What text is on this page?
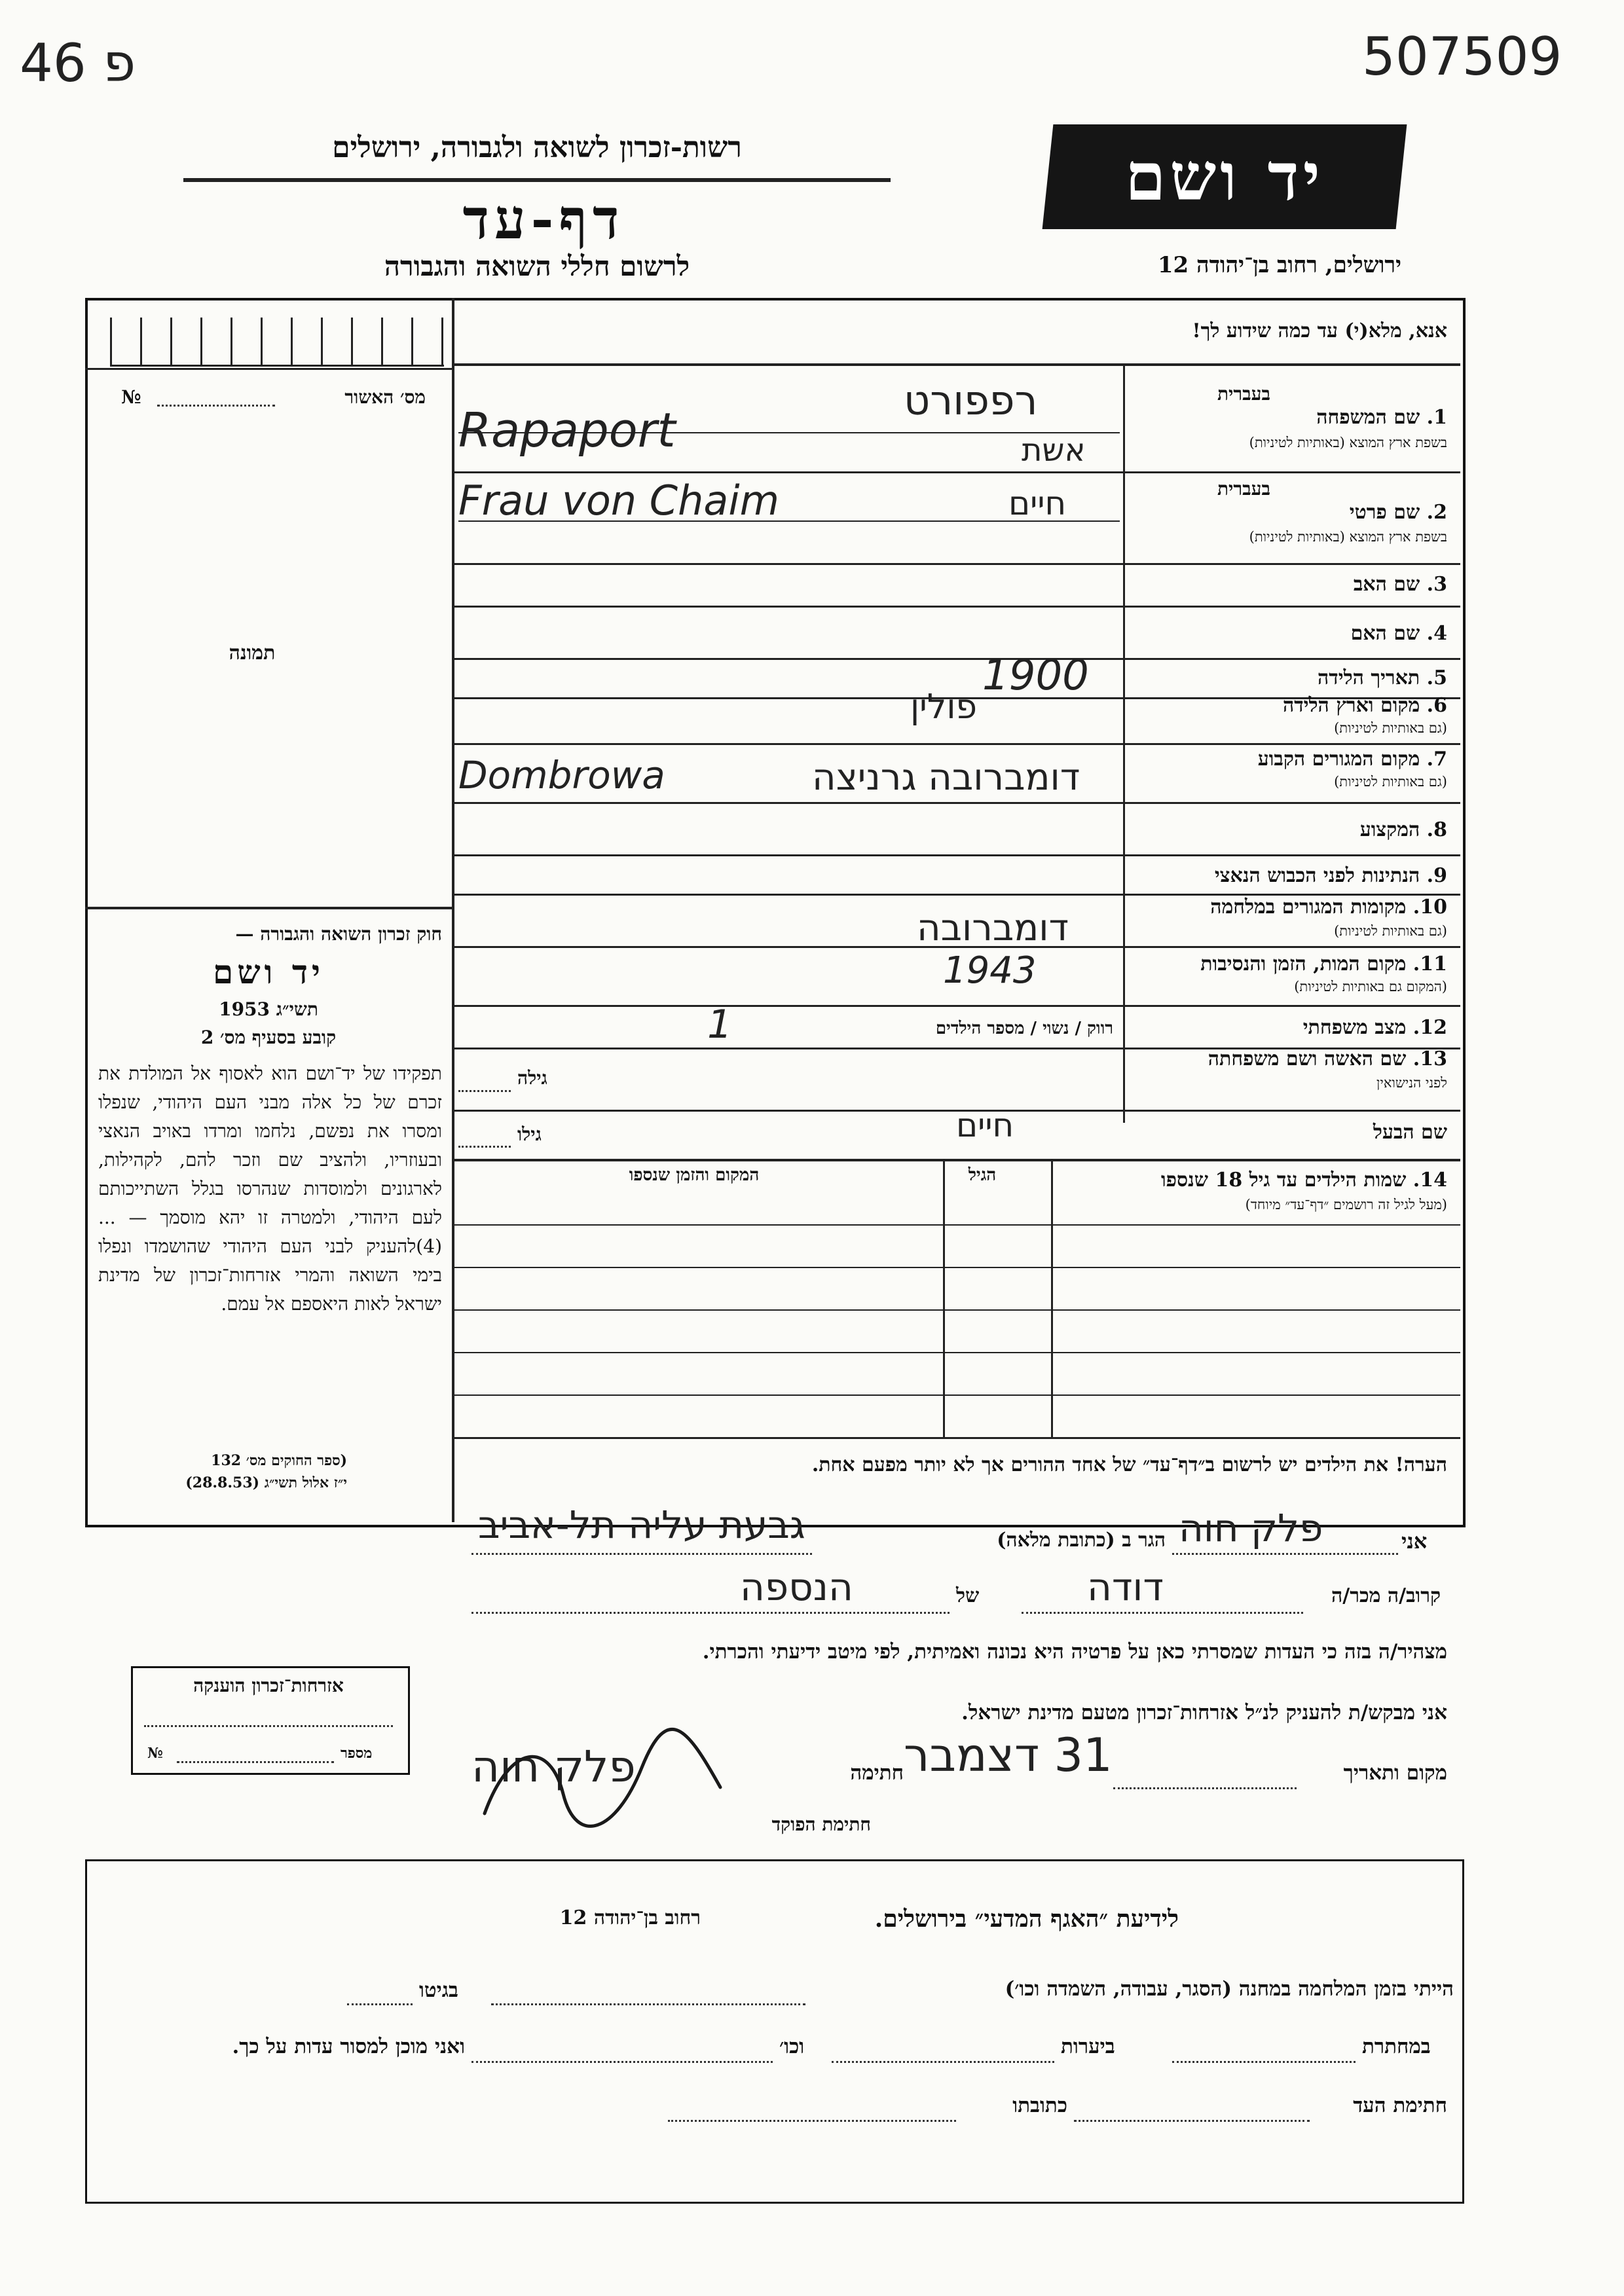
פ 46	507509
רשות-זכרון לשואה ולגבורה, ירושלים
דף-עד
לרשום חללי השואה והגבורה
יד ושם
ירושלים, רחוב בן־יהודה 12
מס׳ האשור
№
תמונה
חוק זכרון השואה והגבורה —
יד ושם
תשי״ג 1953
קובע בסעיף מס׳ 2
תפקידו של יד־ושם הוא לאסוף אל המולדת את זכרם של כל אלה מבני העם היהודי, שנפלו ומסרו את נפשם, נלחמו ומרדו באויב הנאצי ובעוזריו, ולהציב שם וזכר להם, לקהילות, לארגונים ולמוסדות שנהרסו בגלל השתייכותם לעם היהודי, ולמטרה זו יהא מוסמך — ...(4)להעניק לבני העם היהודי שהושמדו ונפלו בימי השואה והמרי אזרחות־זכרון של מדינת ישראל לאות היאספם אל עמם.
(ספר החוקים מס׳ 132
י״ז אלול תשי״ג (28.8.53)
אנא, מלא(י) עד כמה שידוע לך!
1. שם המשפחה
בעברית
בשפת ארץ המוצא (באותיות לטיניות)
רפפורט
אשת
Rapaport
2. שם פרטי
בעברית
בשפת ארץ המוצא (באותיות לטיניות)
חיים
Frau von Chaim
3. שם האב
4. שם האם
5. תאריך הלידה
1900
6. מקום וארץ הלידה
(גם באותיות לטיניות)
פולין
7. מקום המגורים הקבוע
(גם באותיות לטיניות)
דומברובה גרניצה
Dombrowa
8. המקצוע
9. הנתינות לפני הכבוש הנאצי
10. מקומות המגורים במלחמה
(גם באותיות לטיניות)
דומברובה
11. מקום המות, הזמן והנסיבות
(המקום גם באותיות לטיניות)
1943
12. מצב משפחתי
רווק / נשוי / מספר הילדים
1
13. שם האשה ושם משפחתה
לפני הנישואין
גילה
שם הבעל
חיים
גילו
14. שמות הילדים עד גיל 18 שנספו
(מעל לגיל זה רושמים ״דף־עד״ מיוחד)
הגיל
המקום והזמן שנספו
הערה! את הילדים יש לרשום ב״דף־עד״ של אחד ההורים אך לא יותר מפעם אחת.
אני
פלק חוה
הגר ב (כתובת מלאה)
גבעת עליה תל-אביב
קרוב/ה מכר/ה
דודה
של
הנספה
מצהיר/ה בזה כי העדות שמסרתי כאן על פרטיה היא נכונה ואמיתית, לפי מיטב ידיעתי והכרתי.
אזרחות־זכרון הוענקה
№	מספר
אני מבקש/ת להעניק לנ״ל אזרחות־זכרון מטעם מדינת ישראל.
מקום ותאריך
31 דצמבר
חתימה
פלק חוה
חתימת הפוקד
לידיעת ״האגף המדעי״ בירושלים.
רחוב בן־יהודה 12
הייתי בזמן המלחמה במחנה (הסגר, עבודה, השמדה וכו׳)
בגיטו
במחתרת
ביערות
וכו׳
ואני מוכן למסור עדות על כך.
חתימת העד
כתובתו
